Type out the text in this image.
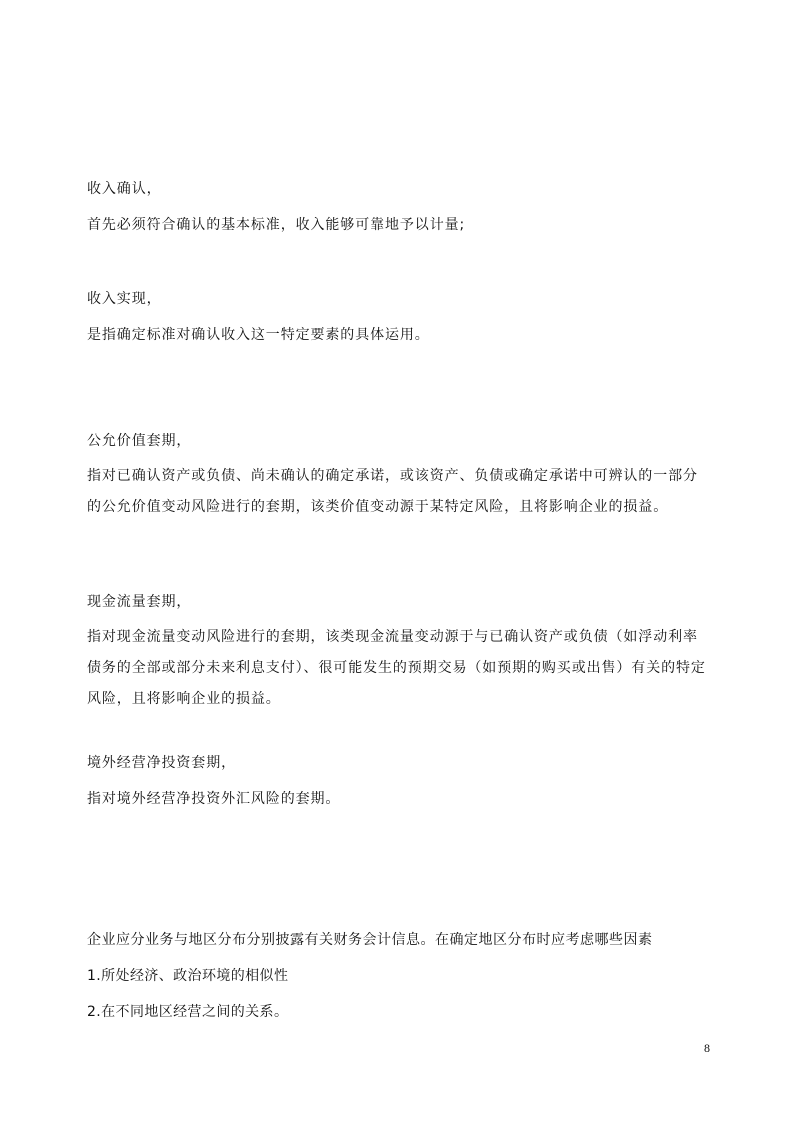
收入确认，
首先必须符合确认的基本标准，收入能够可靠地予以计量;
收入实现，
是指确定标准对确认收入这一特定要素的具体运用。
公允价值套期，
指对已确认资产或负债、尚未确认的确定承诺，或该资产、负债或确定承诺中可辨认的一部分的公允价值变动风险进行的套期，该类价值变动源于某特定风险，且将影响企业的损益。
现金流量套期，
指对现金流量变动风险进行的套期，该类现金流量变动源于与已确认资产或负债（如浮动利率债务的全部或部分未来利息支付）、很可能发生的预期交易（如预期的购买或出售）有关的特定风险，且将影响企业的损益。
境外经营净投资套期，
指对境外经营净投资外汇风险的套期。
企业应分业务与地区分布分别披露有关财务会计信息。在确定地区分布时应考虑哪些因素
1.所处经济、政治环境的相似性
2.在不同地区经营之间的关系。
8
